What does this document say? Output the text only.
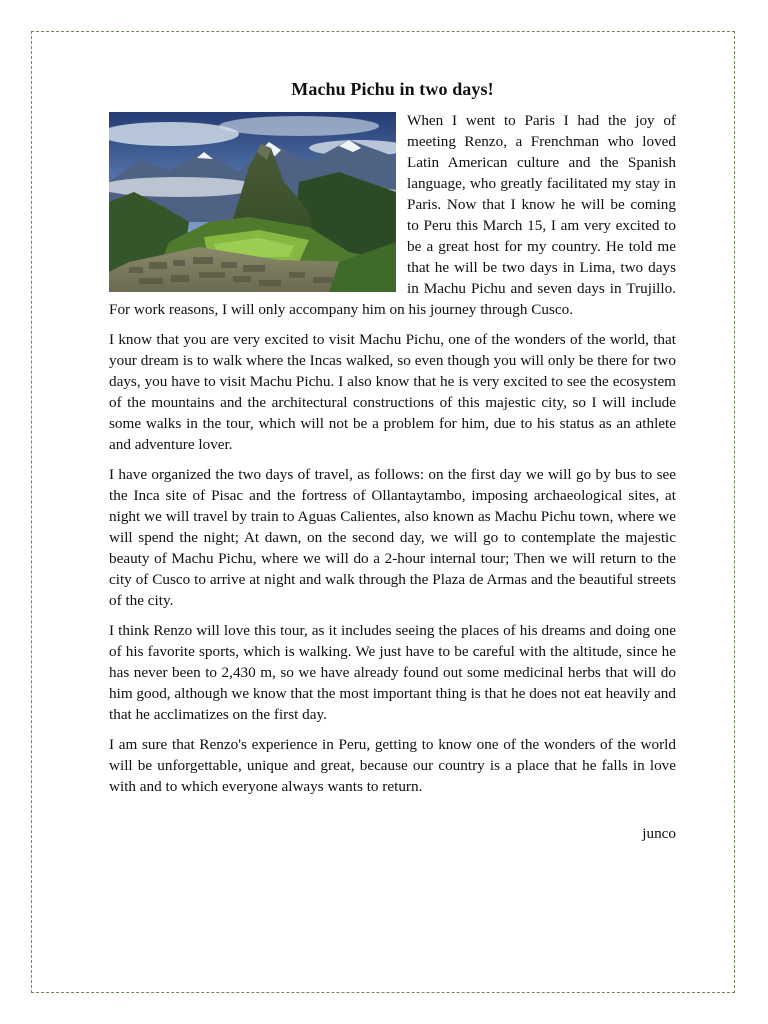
Machu Pichu in two days!

When I went to Paris I had the joy of meeting Renzo, a Frenchman who loved Latin American culture and the Spanish language, who greatly facilitated my stay in Paris. Now that I know he will be coming to Peru this March 15, I am very excited to be a great host for my country. He told me that he will be two days in Lima, two days in Machu Pichu and seven days in Trujillo. For work reasons, I will only accompany him on his journey through Cusco.

I know that you are very excited to visit Machu Pichu, one of the wonders of the world, that your dream is to walk where the Incas walked, so even though you will only be there for two days, you have to visit Machu Pichu. I also know that he is very excited to see the ecosystem of the mountains and the architectural constructions of this majestic city, so I will include some walks in the tour, which will not be a problem for him, due to his status as an athlete and adventure lover.

I have organized the two days of travel, as follows: on the first day we will go by bus to see the Inca site of Pisac and the fortress of Ollantaytambo, imposing archaeological sites, at night we will travel by train to Aguas Calientes, also known as Machu Pichu town, where we will spend the night; At dawn, on the second day, we will go to contemplate the majestic beauty of Machu Pichu, where we will do a 2-hour internal tour; Then we will return to the city of Cusco to arrive at night and walk through the Plaza de Armas and the beautiful streets of the city.

I think Renzo will love this tour, as it includes seeing the places of his dreams and doing one of his favorite sports, which is walking. We just have to be careful with the altitude, since he has never been to 2,430 m, so we have already found out some medicinal herbs that will do him good, although we know that the most important thing is that he does not eat heavily and that he acclimatizes on the first day.

I am sure that Renzo's experience in Peru, getting to know one of the wonders of the world will be unforgettable, unique and great, because our country is a place that he falls in love with and to which everyone always wants to return.

junco
